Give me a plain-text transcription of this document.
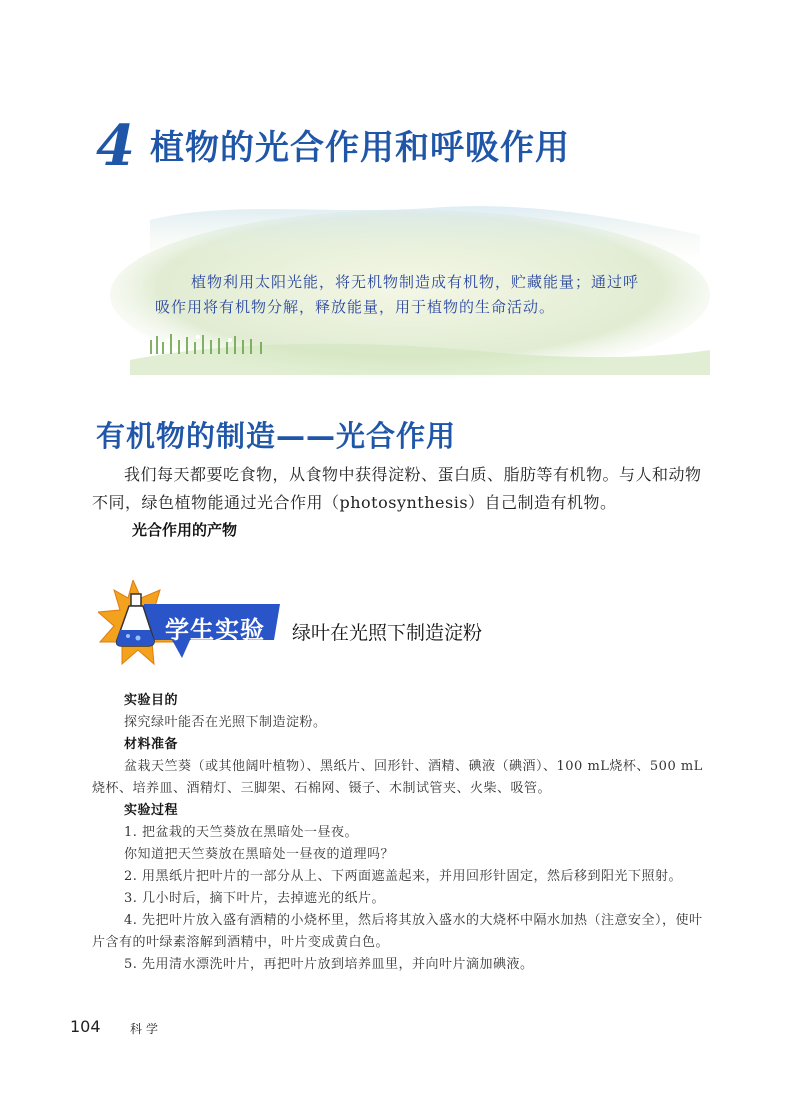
4 植物的光合作用和呼吸作用
植物利用太阳光能，将无机物制造成有机物，贮藏能量；通过呼吸作用将有机物分解，释放能量，用于植物的生命活动。
有机物的制造——光合作用
我们每天都要吃食物，从食物中获得淀粉、蛋白质、脂肪等有机物。与人和动物不同，绿色植物能通过光合作用（photosynthesis）自己制造有机物。
光合作用的产物
学生实验 绿叶在光照下制造淀粉
实验目的
探究绿叶能否在光照下制造淀粉。
材料准备
盆栽天竺葵（或其他阔叶植物）、黑纸片、回形针、酒精、碘液（碘酒）、100 mL烧杯、500 mL烧杯、培养皿、酒精灯、三脚架、石棉网、镊子、木制试管夹、火柴、吸管。
实验过程
1. 把盆栽的天竺葵放在黑暗处一昼夜。
你知道把天竺葵放在黑暗处一昼夜的道理吗？
2. 用黑纸片把叶片的一部分从上、下两面遮盖起来，并用回形针固定，然后移到阳光下照射。
3. 几小时后，摘下叶片，去掉遮光的纸片。
4. 先把叶片放入盛有酒精的小烧杯里，然后将其放入盛水的大烧杯中隔水加热（注意安全），使叶片含有的叶绿素溶解到酒精中，叶片变成黄白色。
5. 先用清水漂洗叶片，再把叶片放到培养皿里，并向叶片滴加碘液。
104 科学
